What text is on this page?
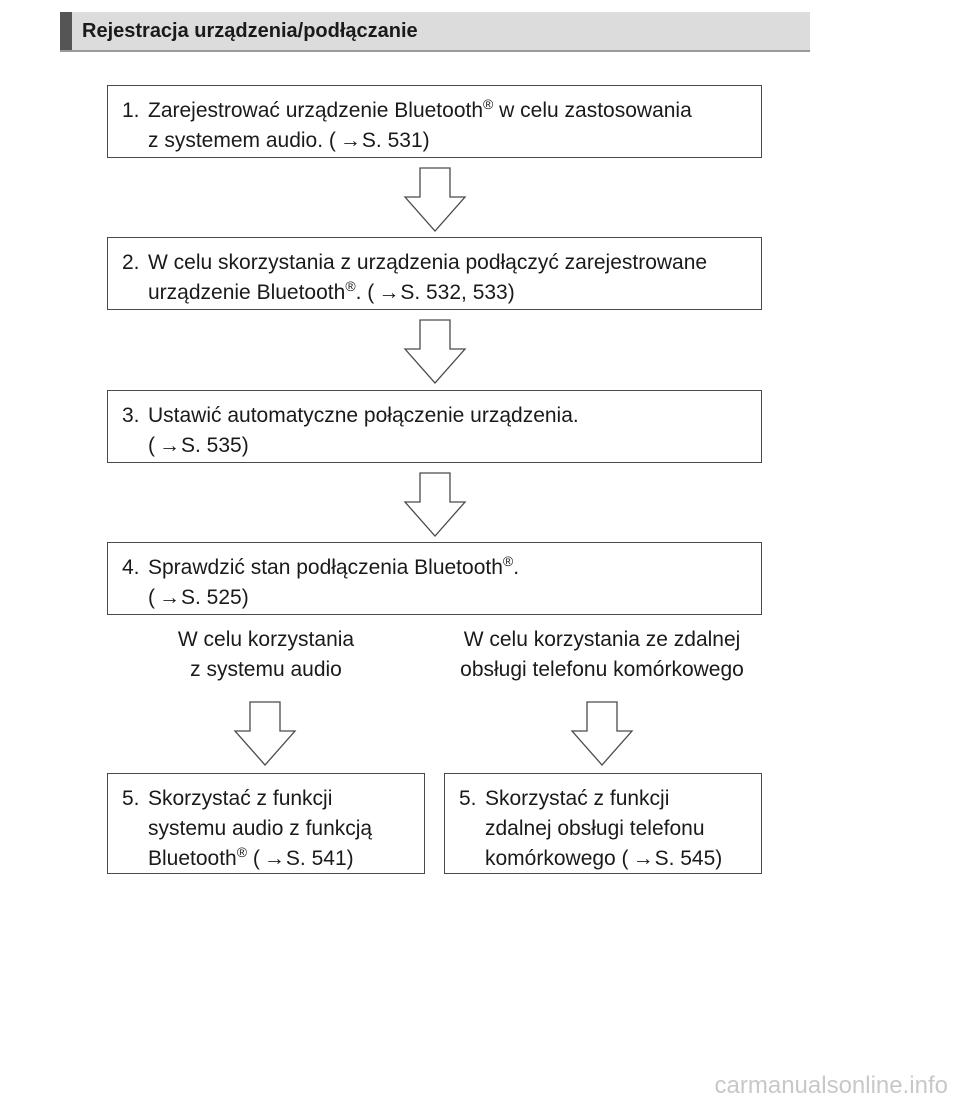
Rejestracja urządzenia/podłączanie
1. Zarejestrować urządzenie Bluetooth® w celu zastosowania
z systemem audio. ( →S. 531)
2. W celu skorzystania z urządzenia podłączyć zarejestrowane
urządzenie Bluetooth®. ( →S. 532, 533)
3. Ustawić automatyczne połączenie urządzenia.
( →S. 535)
4. Sprawdzić stan podłączenia Bluetooth®.
( →S. 525)
W celu korzystania
z systemu audio
W celu korzystania ze zdalnej
obsługi telefonu komórkowego
5. Skorzystać z funkcji
systemu audio z funkcją
Bluetooth® ( →S. 541)
5. Skorzystać z funkcji
zdalnej obsługi telefonu
komórkowego ( →S. 545)
carmanualsonline.info
